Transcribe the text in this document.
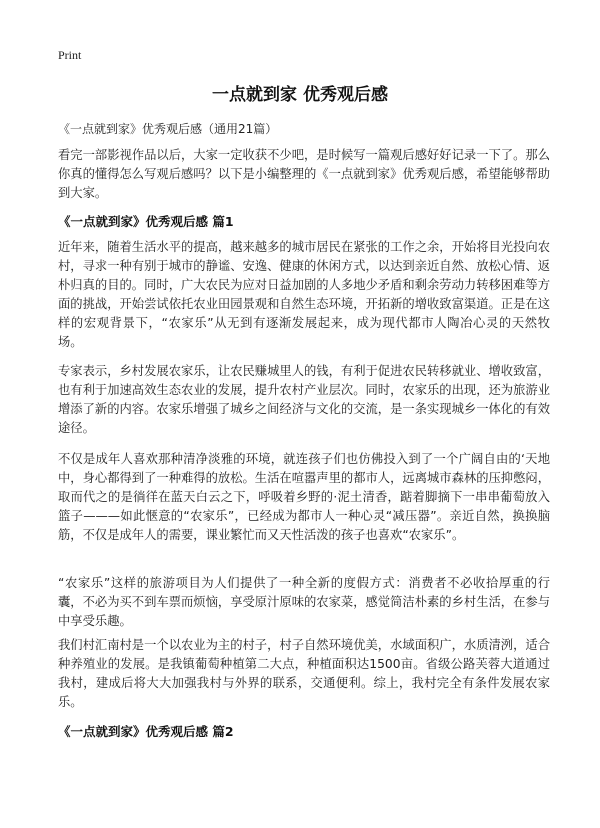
Print
一点就到家 优秀观后感

《一点就到家》优秀观后感（通用21篇）

看完一部影视作品以后，大家一定收获不少吧，是时候写一篇观后感好好记录一下了。那么你真的懂得怎么写观后感吗？以下是小编整理的《一点就到家》优秀观后感，希望能够帮助到大家。

《一点就到家》优秀观后感 篇1

近年来，随着生活水平的提高，越来越多的城市居民在紧张的工作之余，开始将目光投向农村，寻求一种有别于城市的静谧、安逸、健康的休闲方式，以达到亲近自然、放松心情、返朴归真的目的。同时，广大农民为应对日益加剧的人多地少矛盾和剩余劳动力转移困难等方面的挑战，开始尝试依托农业田园景观和自然生态环境，开拓新的增收致富渠道。正是在这样的宏观背景下，“农家乐”从无到有逐渐发展起来，成为现代都市人陶冶心灵的天然牧场。

专家表示，乡村发展农家乐，让农民赚城里人的钱，有利于促进农民转移就业、增收致富，也有利于加速高效生态农业的发展，提升农村产业层次。同时，农家乐的出现，还为旅游业增添了新的内容。农家乐增强了城乡之间经济与文化的交流，是一条实现城乡一体化的有效途径。

不仅是成年人喜欢那种清净淡雅的环境，就连孩子们也仿佛投入到了一个广阔自由的‘天地中，身心都得到了一种难得的放松。生活在喧嚣声里的都市人，远离城市森林的压抑憋闷，取而代之的是徜徉在蓝天白云之下，呼吸着乡野的·泥土清香，踮着脚摘下一串串葡萄放入篮子———如此惬意的“农家乐”，已经成为都市人一种心灵“减压器”。亲近自然，换换脑筋，不仅是成年人的需要，课业繁忙而又天性活泼的孩子也喜欢“农家乐”。

“农家乐”这样的旅游项目为人们提供了一种全新的度假方式：消费者不必收拾厚重的行囊，不必为买不到车票而烦恼，享受原汁原味的农家菜，感觉简洁朴素的乡村生活，在参与中享受乐趣。

我们村汇南村是一个以农业为主的村子，村子自然环境优美，水域面积广，水质清洌，适合种养殖业的发展。是我镇葡萄种植第二大点，种植面积达1500亩。省级公路芙蓉大道通过我村，建成后将大大加强我村与外界的联系，交通便利。综上，我村完全有条件发展农家乐。

《一点就到家》优秀观后感 篇2
